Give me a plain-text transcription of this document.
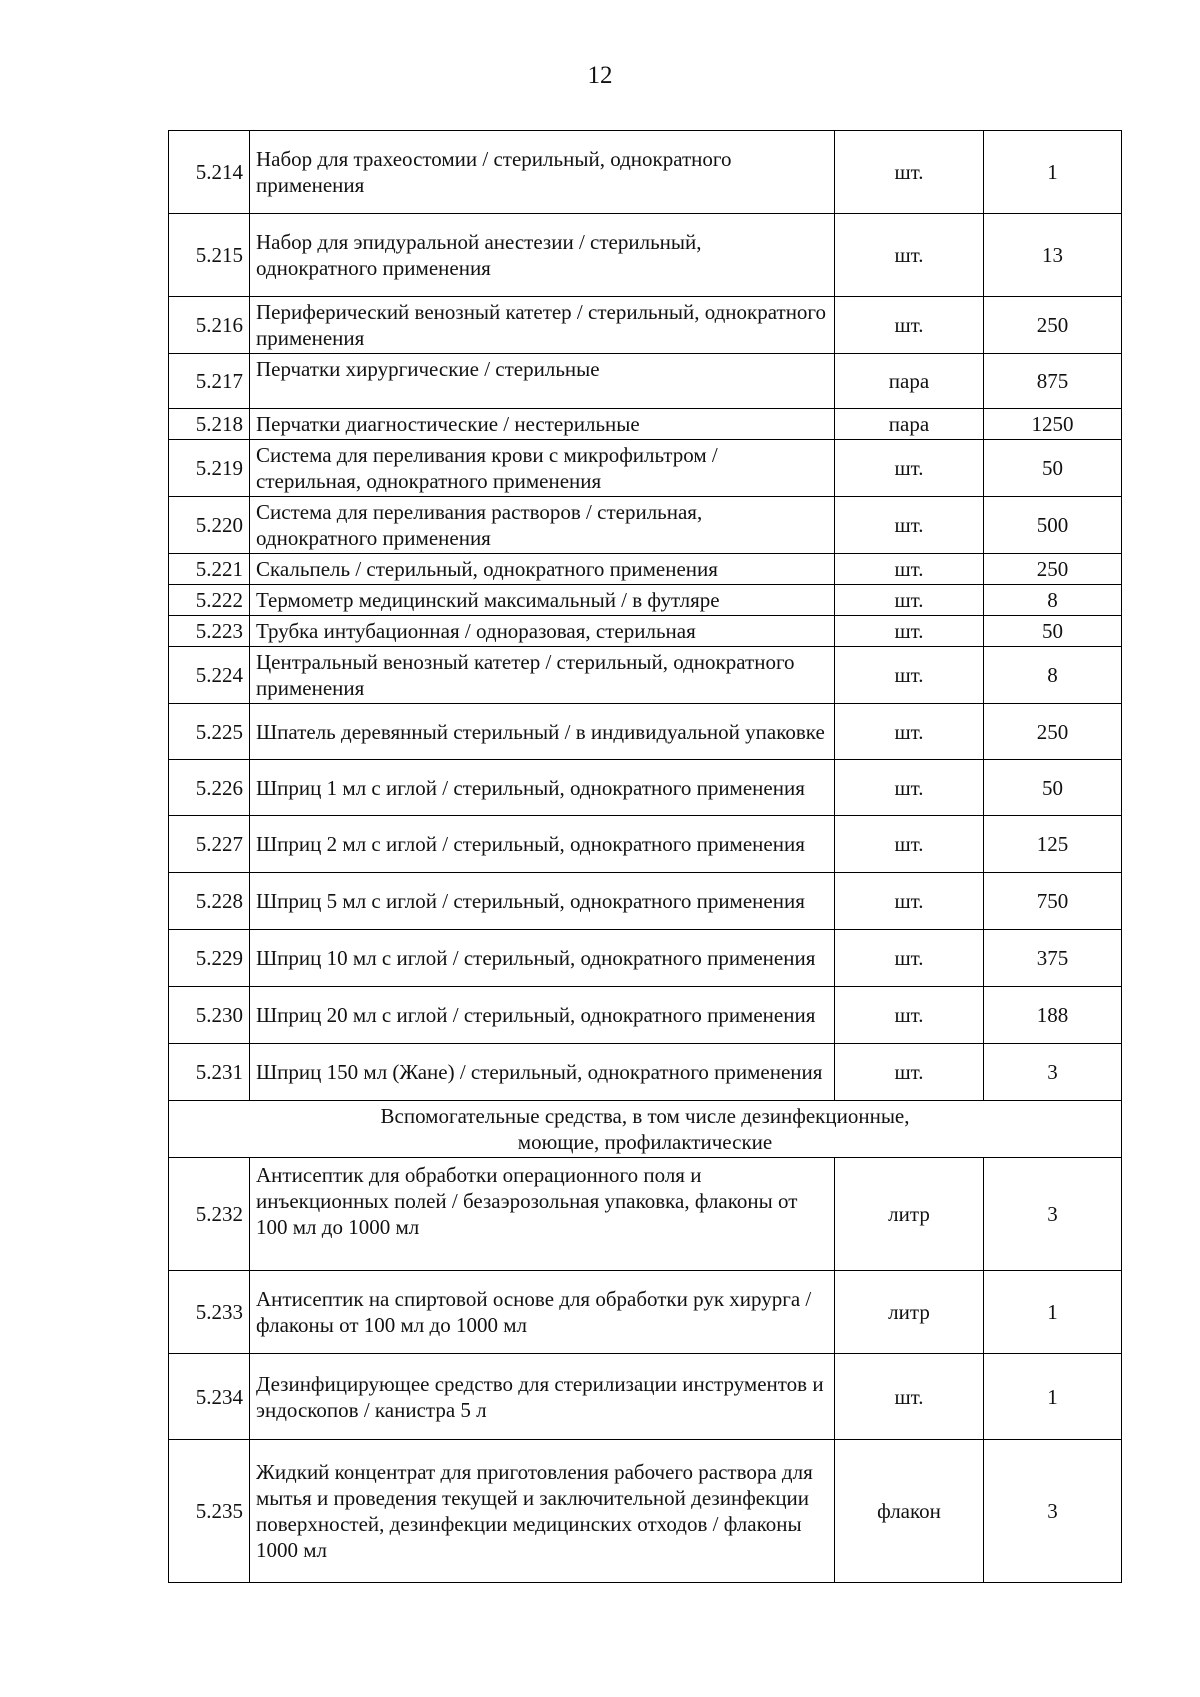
12
5.214	Набор для трахеостомии / стерильный, однократного применения	шт.	1
5.215	Набор для эпидуральной анестезии / стерильный, однократного применения	шт.	13
5.216	Периферический венозный катетер / стерильный, однократного применения	шт.	250
5.217	Перчатки хирургические / стерильные	пара	875
5.218	Перчатки диагностические / нестерильные	пара	1250
5.219	Система для переливания крови с микрофильтром / стерильная, однократного применения	шт.	50
5.220	Система для переливания растворов / стерильная, однократного применения	шт.	500
5.221	Скальпель / стерильный, однократного применения	шт.	250
5.222	Термометр медицинский максимальный / в футляре	шт.	8
5.223	Трубка интубационная / одноразовая, стерильная	шт.	50
5.224	Центральный венозный катетер / стерильный, однократного применения	шт.	8
5.225	Шпатель деревянный стерильный / в индивидуальной упаковке	шт.	250
5.226	Шприц 1 мл с иглой / стерильный, однократного применения	шт.	50
5.227	Шприц 2 мл с иглой / стерильный, однократного применения	шт.	125
5.228	Шприц 5 мл с иглой / стерильный, однократного применения	шт.	750
5.229	Шприц 10 мл с иглой / стерильный, однократного применения	шт.	375
5.230	Шприц 20 мл с иглой / стерильный, однократного применения	шт.	188
5.231	Шприц 150 мл (Жане) / стерильный, однократного применения	шт.	3

Вспомогательные средства, в том числе дезинфекционные,
моющие, профилактические			

5.232	Антисептик для обработки операционного поля и инъекционных полей / безаэрозольная упаковка, флаконы от 100 мл до 1000 мл	литр	3
5.233	Антисептик на спиртовой основе для обработки рук хирурга / флаконы от 100 мл до 1000 мл	литр	1
5.234	Дезинфицирующее средство для стерилизации инструментов и эндоскопов / канистра 5 л	шт.	1
5.235	Жидкий концентрат для приготовления рабочего раствора для мытья и проведения текущей и заключительной дезинфекции поверхностей, дезинфекции медицинских отходов / флаконы 1000 мл	флакон	3
